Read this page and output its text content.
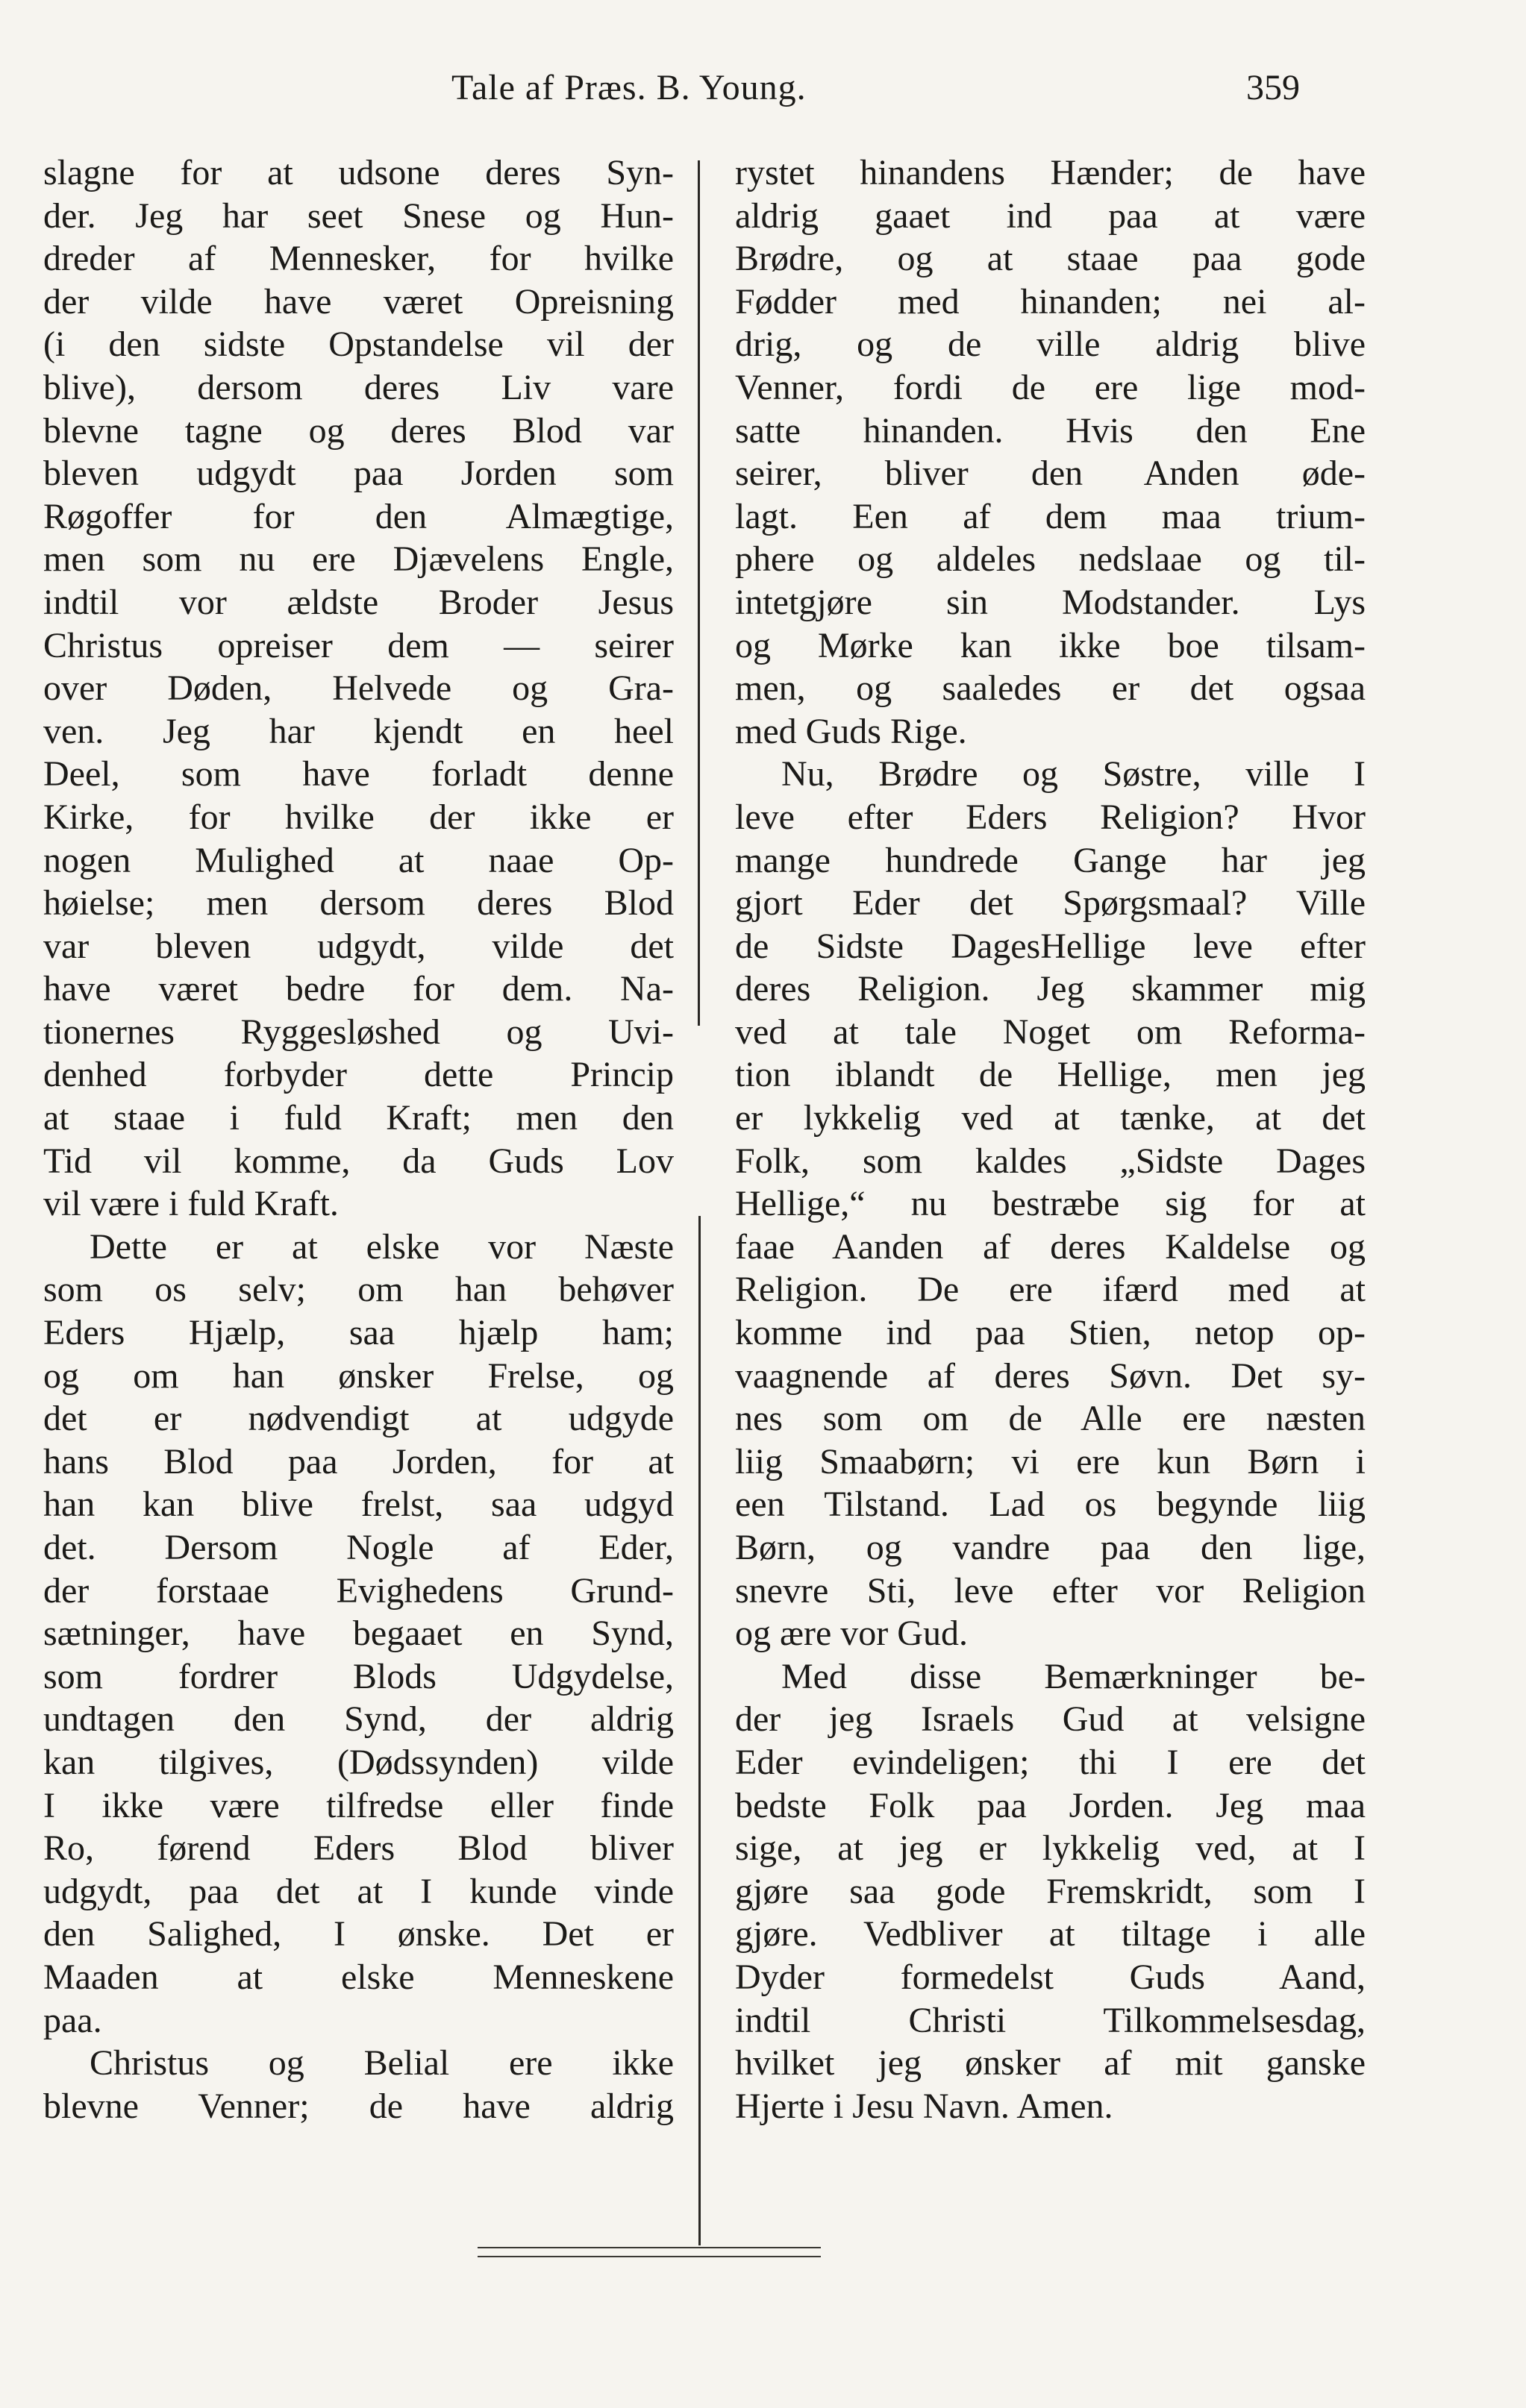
Tale af Præs. B. Young.	359
slagne for at udsone deres Syn-
der. Jeg har seet Snese og Hun-
dreder af Mennesker, for hvilke
der vilde have været Opreisning
(i den sidste Opstandelse vil der
blive), dersom deres Liv vare
blevne tagne og deres Blod var
bleven udgydt paa Jorden som
Røgoffer for den Almægtige,
men som nu ere Djævelens Engle,
indtil vor ældste Broder Jesus
Christus opreiser dem — seirer
over Døden, Helvede og Gra-
ven. Jeg har kjendt en heel
Deel, som have forladt denne
Kirke, for hvilke der ikke er
nogen Mulighed at naae Op-
høielse; men dersom deres Blod
var bleven udgydt, vilde det
have været bedre for dem. Na-
tionernes Ryggesløshed og Uvi-
denhed forbyder dette Princip
at staae i fuld Kraft; men den
Tid vil komme, da Guds Lov
vil være i fuld Kraft.
Dette er at elske vor Næste
som os selv; om han behøver
Eders Hjælp, saa hjælp ham;
og om han ønsker Frelse, og
det er nødvendigt at udgyde
hans Blod paa Jorden, for at
han kan blive frelst, saa udgyd
det. Dersom Nogle af Eder,
der forstaae Evighedens Grund-
sætninger, have begaaet en Synd,
som fordrer Blods Udgydelse,
undtagen den Synd, der aldrig
kan tilgives, (Dødssynden) vilde
I ikke være tilfredse eller finde
Ro, førend Eders Blod bliver
udgydt, paa det at I kunde vinde
den Salighed, I ønske. Det er
Maaden at elske Menneskene
paa.
Christus og Belial ere ikke
blevne Venner; de have aldrig
rystet hinandens Hænder; de have
aldrig gaaet ind paa at være
Brødre, og at staae paa gode
Fødder med hinanden; nei al-
drig, og de ville aldrig blive
Venner, fordi de ere lige mod-
satte hinanden. Hvis den Ene
seirer, bliver den Anden øde-
lagt. Een af dem maa trium-
phere og aldeles nedslaae og til-
intetgjøre sin Modstander. Lys
og Mørke kan ikke boe tilsam-
men, og saaledes er det ogsaa
med Guds Rige.
Nu, Brødre og Søstre, ville I
leve efter Eders Religion? Hvor
mange hundrede Gange har jeg
gjort Eder det Spørgsmaal? Ville
de Sidste DagesHellige leve efter
deres Religion. Jeg skammer mig
ved at tale Noget om Reforma-
tion iblandt de Hellige, men jeg
er lykkelig ved at tænke, at det
Folk, som kaldes „Sidste Dages
Hellige,“ nu bestræbe sig for at
faae Aanden af deres Kaldelse og
Religion. De ere ifærd med at
komme ind paa Stien, netop op-
vaagnende af deres Søvn. Det sy-
nes som om de Alle ere næsten
liig Smaabørn; vi ere kun Børn i
een Tilstand. Lad os begynde liig
Børn, og vandre paa den lige,
snevre Sti, leve efter vor Religion
og ære vor Gud.
Med disse Bemærkninger be-
der jeg Israels Gud at velsigne
Eder evindeligen; thi I ere det
bedste Folk paa Jorden. Jeg maa
sige, at jeg er lykkelig ved, at I
gjøre saa gode Fremskridt, som I
gjøre. Vedbliver at tiltage i alle
Dyder formedelst Guds Aand,
indtil Christi Tilkommelsesdag,
hvilket jeg ønsker af mit ganske
Hjerte i Jesu Navn. Amen.
